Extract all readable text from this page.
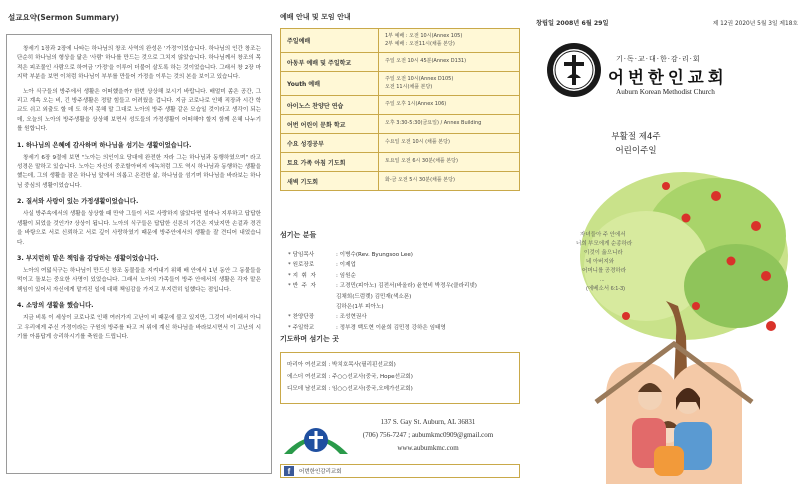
설교요약(Sermon Summary)

창세기 1장과 2장에 나타는 하나님의 창조 사역의 완성은 '가정'이었습니다. 하나님의 인간 창조는 단순히 하나님의 형상을 닮은 '사람' 하나를 만드는 것으로 그치지 않았습니다. 하나님께서 창조의 목적은 피조물인 사람으로 하여금 '가정'을 이루어 더불어 살도록 하는 것이었습니다. 그래서 창 2장 마지막 부분을 보면 이처럼 하나님이 부부를 만들어 가정을 이루는 것의 본을 보이고 있습니다.

노아 식구들의 방주에서 생활은 어떠했을까? 한번 상상해 보시기 바랍니다. 배멀미 좀은 공간, 그리고 계속 오는 비, 긴 방주생활은 정말 힘들고 어려웠을 겁니다. 지금 코로나로 인해 직장과 시간 학교도 쉬고 외출도 할 데 도 하지 못해 말 그대로 노아의 방주 생활 같은 모습일 것이라고 생각이 되는데, 오늘의 노아의 방주생활을 상상해 보면서 성도들의 가정생활이 어떠해야 할지 함께 은혜 나누기를 원합니다.

1. 하나님의 은혜에 감사하며 하나님을 섬기는 생활이었습니다.

창세기 6장 9절에 보면 "노아는 의인이요 당대에 완전한 자라 그는 하나님과 동행하였으며" 라고 성경은 말하고 있습니다. 노아는 자신의 중조할아버지 에녹처럼 그도 역시 하나님과 동행하는 생활을 했는데, 그의 생활을 잠은 하나님 앞에서 의롭고 온전한 삶, 하나님을 섬기며 하나님을 바라보는 하나님 중심의 생활이었습니다.

2. 질서와 사랑이 있는 가정생활이었습니다.

사실 방주속에서의 생활을 상상할 때 만약 그들이 서로 사랑하지 않았다면 얼마나 지루하고 답답한 생활이 되었을 것인가? 상상이 됩니다. 노아의 식구들은 답답한 신론의 기간은 지났지만 손겉과 경건을 바탕으로 서로 신뢰하고 서로 깊이 사랑하였기 때문에 방주안에서의 생활을 잘 견디어 내었습니다.

3. 부지런히 맡은 책임을 감당하는 생활이었습니다.

노아의 여덟식구는 하나님이 만드신 창조 동물들을 지켜내기 위해 배 안에서 1년 동안 그 동물들을 먹이고 돌보는 중요한 사명이 있었습니다. 그래서 노아의 가족들이 방주 안에서의 생활은 각자 맡은 책임이 있어서 자신에게 맡겨진 일에 대해 책임감을 가지고 부지런히 일했다는 점입니다.

4. 소망의 생활을 했습니다.

지금 비록 이 세상이 코로나로 인해 여러가지 고난이 비 때문에 불고 있지만, 그것이 비이래서 아니고 우리에게 주신 가정이라는 구원의 방주를 타고 저 위에 계신 하나님을 바라보시면서 이 고난의 시기를 아름답게 승리하시기를 축원을 드립니다.

예배 안내 및 모임 안내
주일예배	1부 예배 : 오전 10시(Annex 105)
2부 예배 : 오전11시(채플 본당)
아동부 예배 및 주일학교	주일 오전 10시 45분(Annex D131)
Youth 예배	주일 오전 10시(Annex D105)
오전 11시(채플 본당)
아이노스 찬양단 연습	주일 오후 1시(Annex 106)
어번 어린이 문화 학교	오후 3:30-5:30(금요일) / Annex Building
수요 성경공부	수요일 오전 10시 (채플 본당)
토요 가족 아침 기도회	토요일 오전 6시 30분(채플 본당)
새벽 기도회	화-금 오전 5시 30분(채플 본당)
섬기는 분들
* 담임목사	: 이병수(Rev. Byungsoo Lee)
* 원로장로	: 이제업
* 지  휘  자	: 임원순
* 반  주  자	: 고경민(피아노) 김전서(바올라) 윤현비 박정우(클라리넷)
김채희(드럼렛) 김민재(색소폰)
김하은(1부 피아노)
* 찬양단장	: 조성현권사
* 주일학교	: 정부경 백도현 이윤희 김민정 강하은 임태영
기도하며 섬기는 곳
마리아 여선교회 : 박치호목사(필리핀선교회)
에스더 여선교회 : 주○○선교사(중국, Hope선교회)
디모데 남선교회 : 임○○선교사(중국,오메가선교회)
137 S. Gay St. Auburn, AL 36831
(706) 756-7247 ; aubumkmc0909@gmail.com
www.aubumkmc.com
f	어번한인감리교회
창립일 2008년 6월 29일	제 12권 2020년 5월 3일 제18호
기·독·교·대·한·감·리·회
어번한인교회
Auburn Korean Methodist Church
부활절 제4주
어린이주일
자녀들아 주 안에서 너희 부모에게 순종하라 이것이 옳으니라 네 아버지와 어머니를 공경하라 ... (에베소서 6:1-3)
